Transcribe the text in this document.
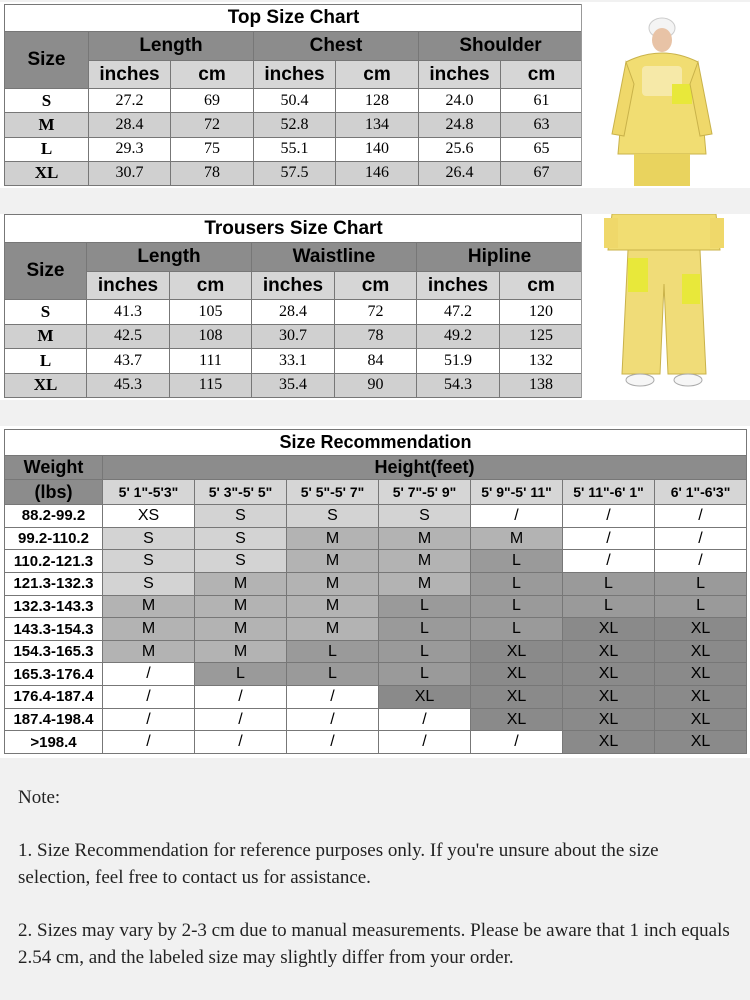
Top Size Chart						
Size	Length		Chest		Shoulder	
	inches	cm	inches	cm	inches	cm
S	27.2	69	50.4	128	24.0	61
M	28.4	72	52.8	134	24.8	63
L	29.3	75	55.1	140	25.6	65
XL	30.7	78	57.5	146	26.4	67
Trousers Size Chart						
Size	Length		Waistline		Hipline	
	inches	cm	inches	cm	inches	cm
S	41.3	105	28.4	72	47.2	120
M	42.5	108	30.7	78	49.2	125
L	43.7	111	33.1	84	51.9	132
XL	45.3	115	35.4	90	54.3	138
Size Recommendation							
Weight	Height(feet)						
(lbs)	5' 1"-5'3"	5' 3"-5' 5"	5' 5"-5' 7"	5' 7"-5' 9"	5' 9"-5' 11"	5' 11"-6' 1"	6' 1"-6'3"
88.2-99.2	XS	S	S	S	/	/	/
99.2-110.2	S	S	M	M	M	/	/
110.2-121.3	S	S	M	M	L	/	/
121.3-132.3	S	M	M	M	L	L	L
132.3-143.3	M	M	M	L	L	L	L
143.3-154.3	M	M	M	L	L	XL	XL
154.3-165.3	M	M	L	L	XL	XL	XL
165.3-176.4	/	L	L	L	XL	XL	XL
176.4-187.4	/	/	/	XL	XL	XL	XL
187.4-198.4	/	/	/	/	XL	XL	XL
>198.4	/	/	/	/	/	XL	XL

Note:

1. Size Recommendation for reference purposes only. If you're unsure about the size selection, feel free to contact us for assistance.

2. Sizes may vary by 2-3 cm due to manual measurements. Please be aware that 1 inch equals 2.54 cm, and the labeled size may slightly differ from your order.
